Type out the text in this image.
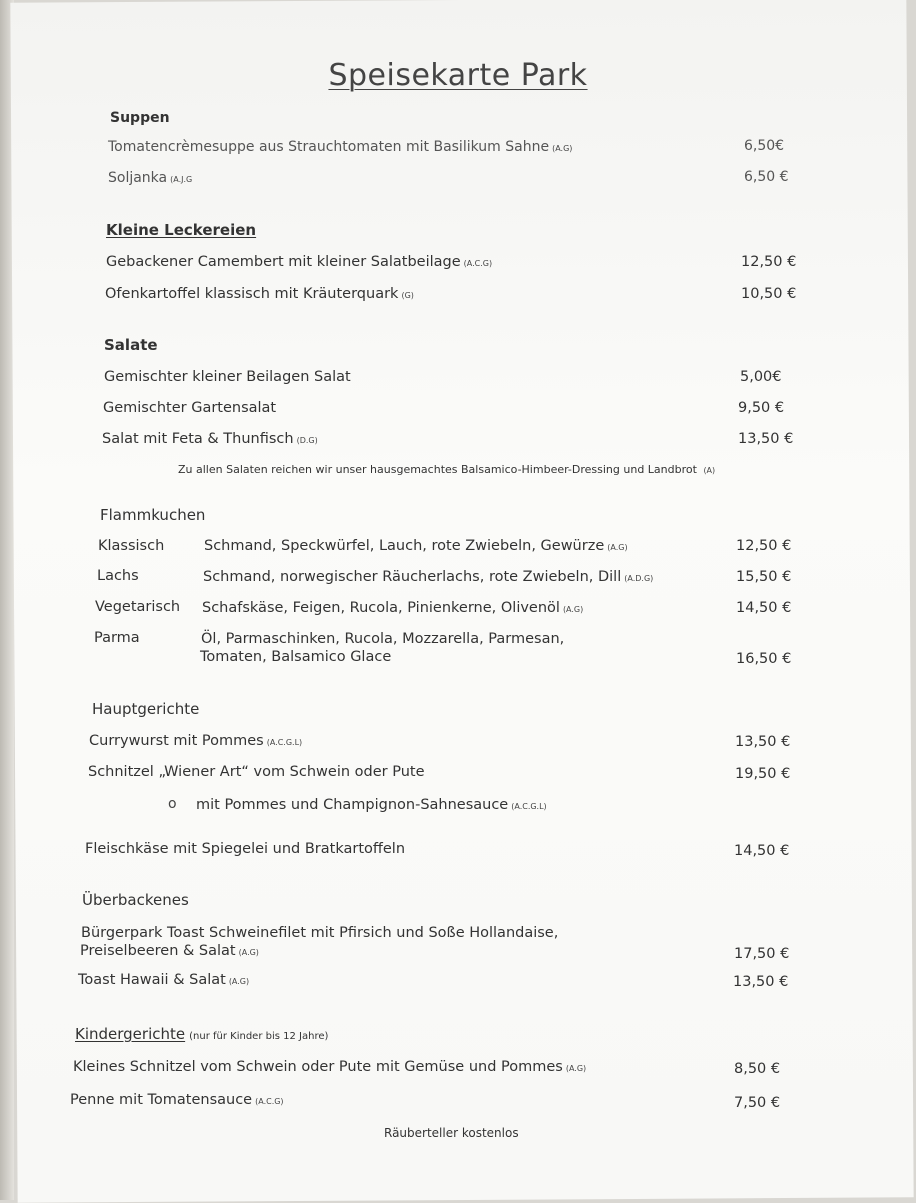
Speisekarte Park
Suppen
Tomatencrèmesuppe aus Strauchtomaten mit Basilikum Sahne (A.G)	6,50€
Soljanka (A.J.G	6,50 €
Kleine Leckereien
Gebackener Camembert mit kleiner Salatbeilage (A.C.G)	12,50 €
Ofenkartoffel klassisch mit Kräuterquark (G)	10,50 €
Salate
Gemischter kleiner Beilagen Salat	5,00€
Gemischter Gartensalat	9,50 €
Salat mit Feta & Thunfisch (D.G)	13,50 €
Zu allen Salaten reichen wir unser hausgemachtes Balsamico-Himbeer-Dressing und Landbrot (A)
Flammkuchen
Klassisch	Schmand, Speckwürfel, Lauch, rote Zwiebeln, Gewürze (A.G)	12,50 €
Lachs	Schmand, norwegischer Räucherlachs, rote Zwiebeln, Dill (A.D.G)	15,50 €
Vegetarisch Schafskäse, Feigen, Rucola, Pinienkerne, Olivenöl (A.G)	14,50 €
Parma	Öl, Parmaschinken, Rucola, Mozzarella, Parmesan,
Tomaten, Balsamico Glace	16,50 €
Hauptgerichte
Currywurst mit Pommes (A.C.G.L)	13,50 €
Schnitzel „Wiener Art“ vom Schwein oder Pute	19,50 €
o mit Pommes und Champignon-Sahnesauce (A.C.G.L)
Fleischkäse mit Spiegelei und Bratkartoffeln	14,50 €
Überbackenes
Bürgerpark Toast Schweinefilet mit Pfirsich und Soße Hollandaise,
Preiselbeeren & Salat (A.G)	17,50 €
Toast Hawaii & Salat (A.G)	13,50 €
Kindergerichte (nur für Kinder bis 12 Jahre)
Kleines Schnitzel vom Schwein oder Pute mit Gemüse und Pommes (A.G)	8,50 €
Penne mit Tomatensauce (A.C.G)	7,50 €
Räuberteller kostenlos
